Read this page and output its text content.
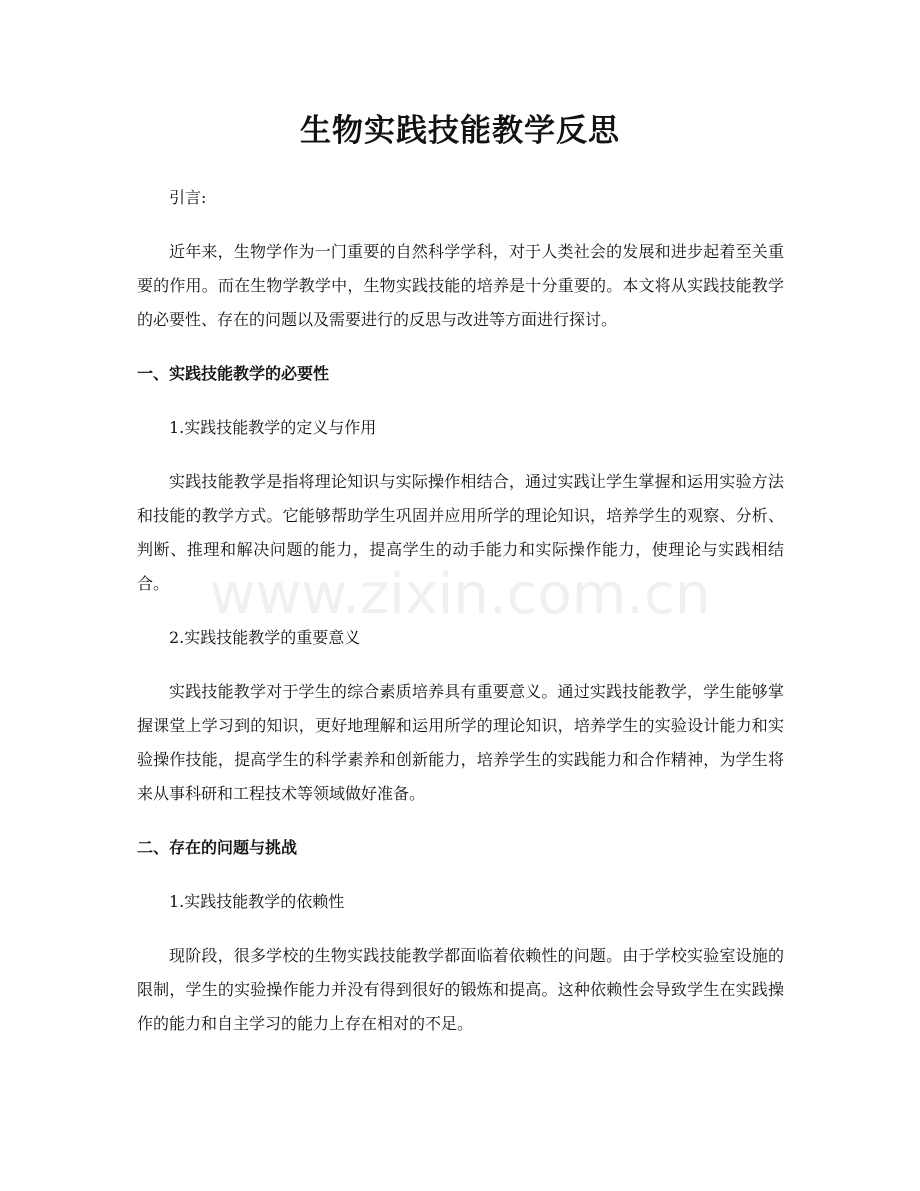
www.zixin.com.cn
生物实践技能教学反思

引言:

近年来，生物学作为一门重要的自然科学学科，对于人类社会的发展和进步起着至关重要的作用。而在生物学教学中，生物实践技能的培养是十分重要的。本文将从实践技能教学的必要性、存在的问题以及需要进行的反思与改进等方面进行探讨。

一、实践技能教学的必要性

1.实践技能教学的定义与作用

实践技能教学是指将理论知识与实际操作相结合，通过实践让学生掌握和运用实验方法和技能的教学方式。它能够帮助学生巩固并应用所学的理论知识，培养学生的观察、分析、判断、推理和解决问题的能力，提高学生的动手能力和实际操作能力，使理论与实践相结合。

2.实践技能教学的重要意义

实践技能教学对于学生的综合素质培养具有重要意义。通过实践技能教学，学生能够掌握课堂上学习到的知识，更好地理解和运用所学的理论知识，培养学生的实验设计能力和实验操作技能，提高学生的科学素养和创新能力，培养学生的实践能力和合作精神，为学生将来从事科研和工程技术等领域做好准备。

二、存在的问题与挑战

1.实践技能教学的依赖性

现阶段，很多学校的生物实践技能教学都面临着依赖性的问题。由于学校实验室设施的限制，学生的实验操作能力并没有得到很好的锻炼和提高。这种依赖性会导致学生在实践操作的能力和自主学习的能力上存在相对的不足。
